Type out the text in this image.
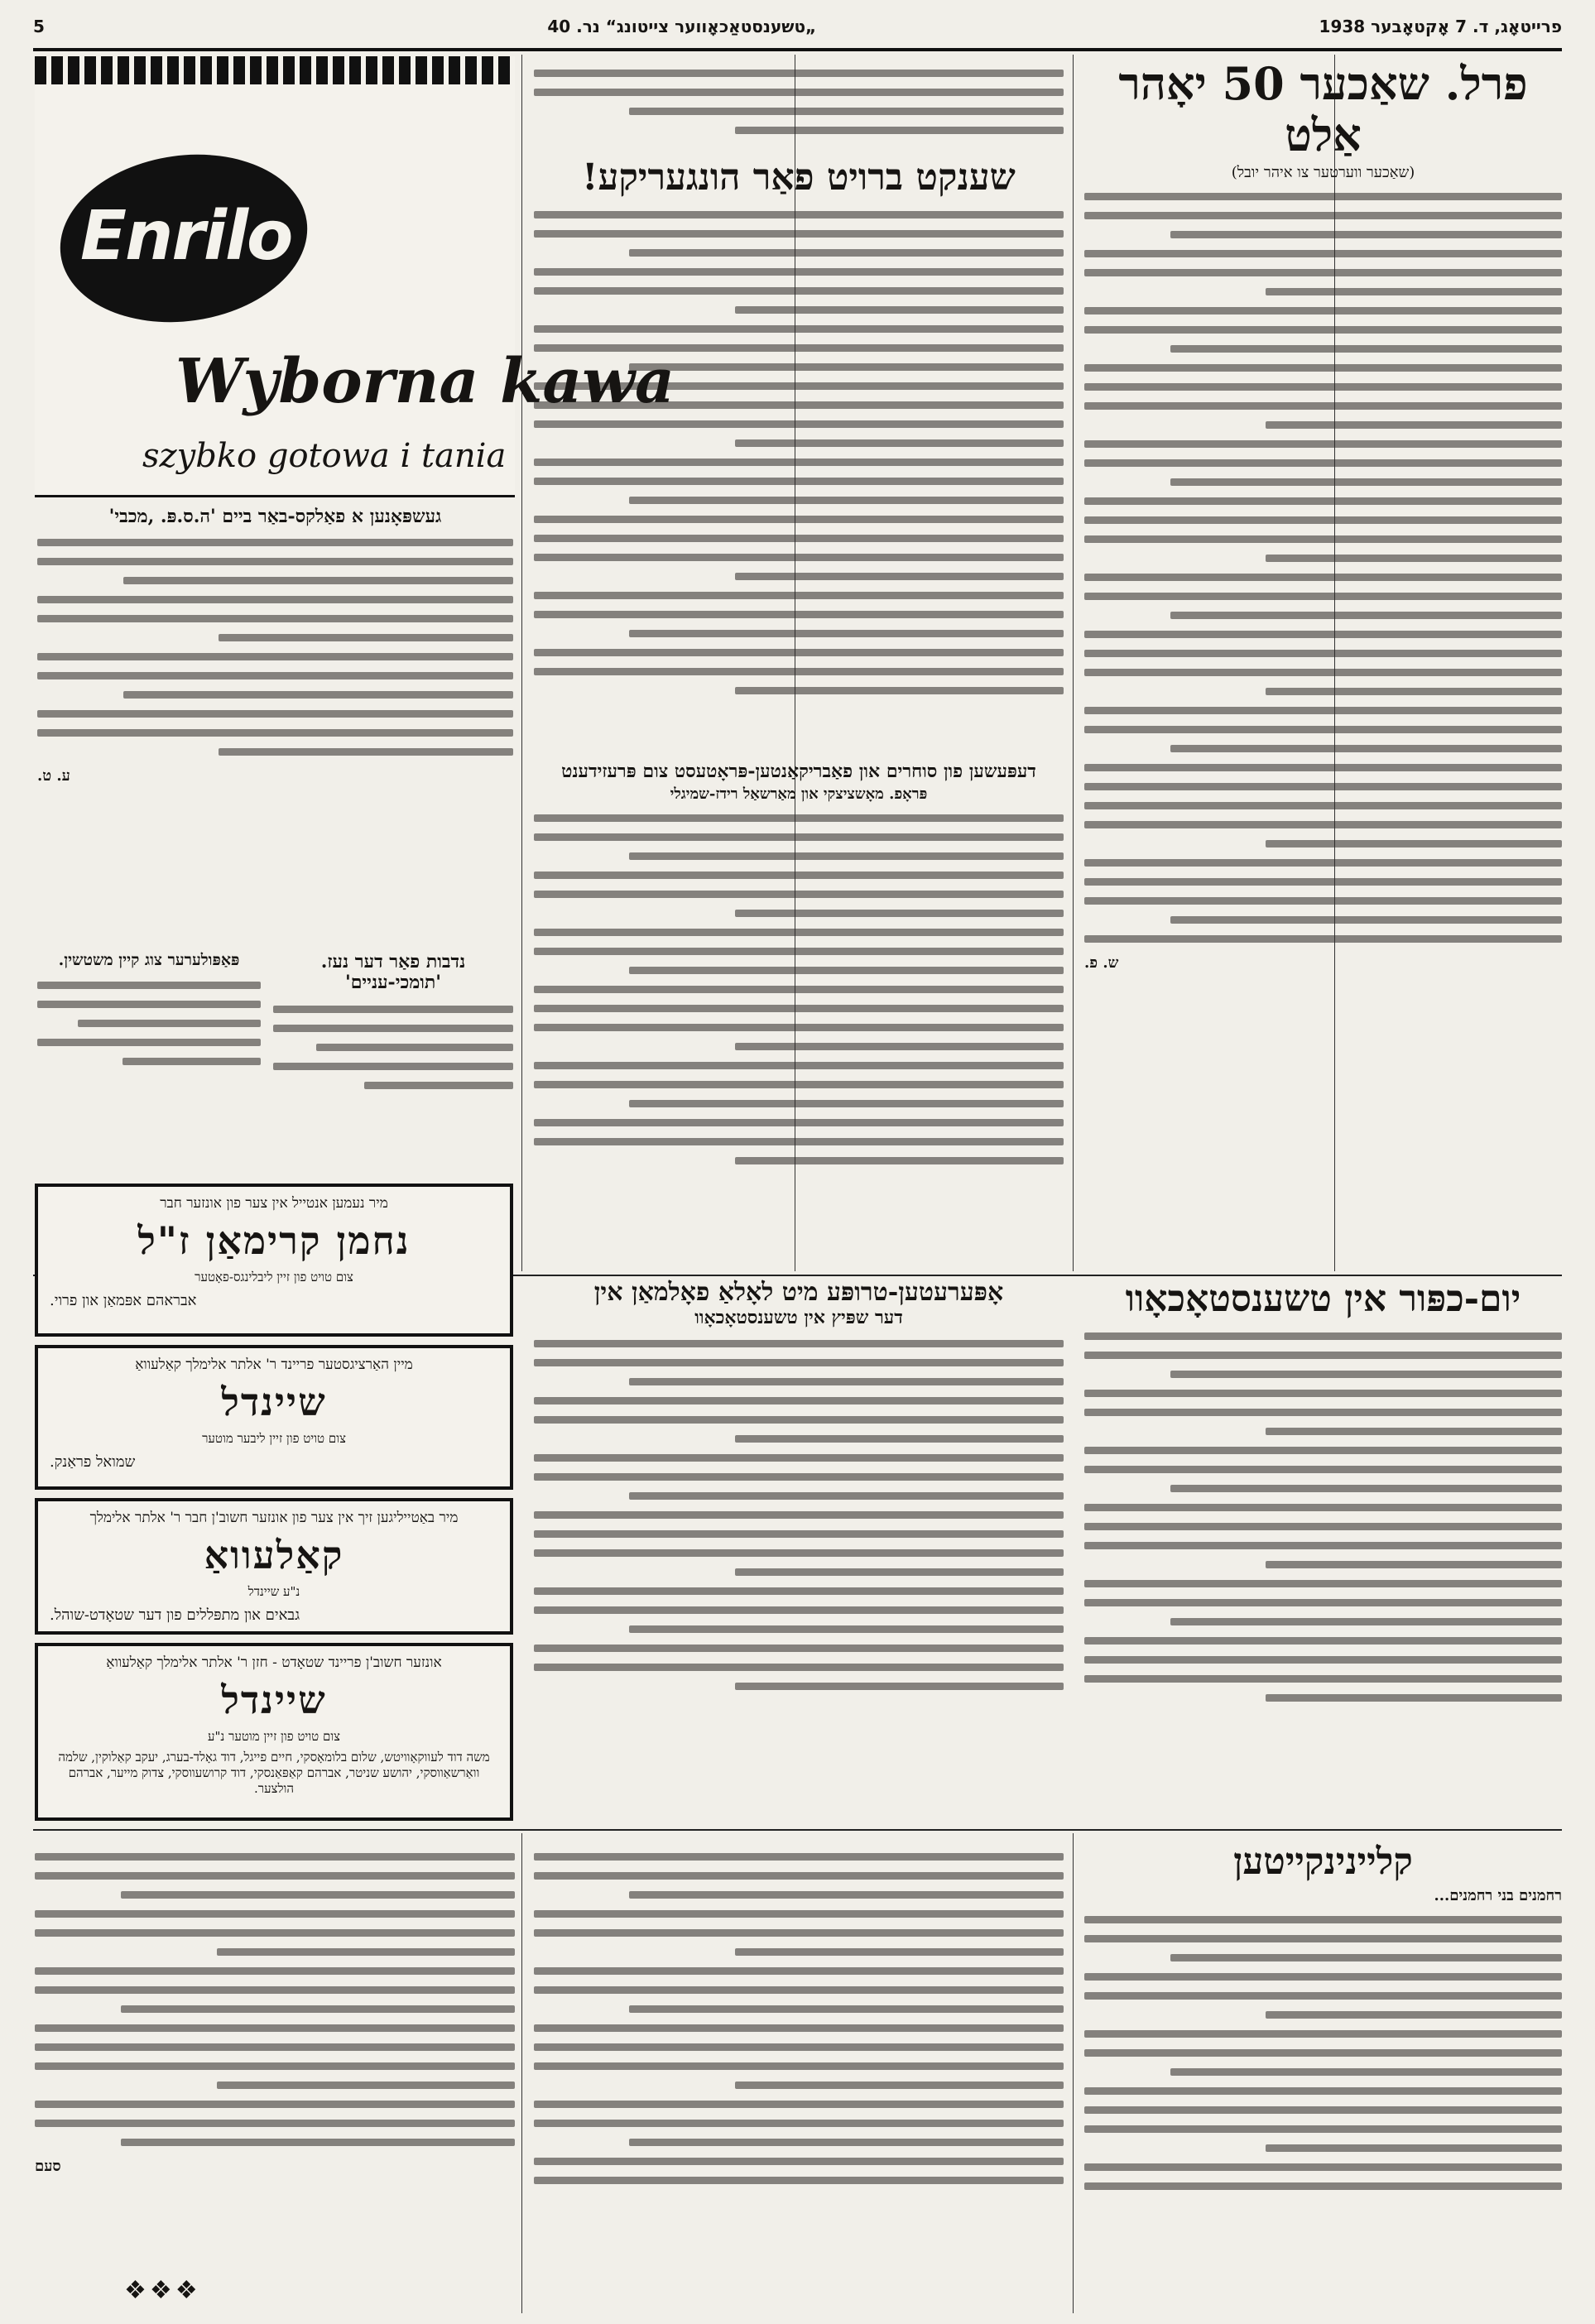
פרייטאָג, ד. 7 אָקטאָבער 1938
„טשענסטאַכאָווער צייטונג“ נר. 40
5
פרל. שאַכער 50 יאָהר אַלט
(שאַכער ווערטער צו איהר יובל)
ש. פ.
שענקט ברויט פאַר הונגעריקע!
דעפּעשען פון סוחרים און פאַבריקאַנטען-פּראָטעסט צום פּרעזידענט
פּראָפ. מאָשציצקי און מאַרשאַל רידז-שמיגלי
אָפּערעטען-טרופּע מיט לאָלאַ פאָלמאַן אין
דער שפּיץ אין טשענסטאָכאָוו	יום-כפּור אין טשענסטאָכאָוו
Enrilo
Wyborna kawa
szybko gotowa i tania
געשפּאָנען א פאַלקס-באַר ביים 'ה.ס.פּ. ,מכבי'
ע. ט.
נדבות פאַר דער נעז. 'תומכי-עניים'
פּאַפּולערער צוג קיין משטשין.
מיר נעמען אנטייל אין צער פון אונזער חבר
נחמן קרימאַן ז"ל
צום טויט פון זיין ליבלינגס-פאָטער
אבראהם אפּמאַן און פרוי.
מיין האַרציגסטער פריינד ר' אלתר אלימלך קאַלעוואַ
שיינדל
צום טויט פון זיין ליבער מוטער
שמואל פראַנק.
מיר באַטייליגען זיך אין צער פון אונזער חשוב'ן חבר ר' אלתר אלימלך
קאַלעוואַ
נ"ע שיינדל
גבאים און מתפּללים פון דער שטאָדט-שוהל.
אונזער חשוב'ן פריינד שטאָדט - חזן ר' אלתר אלימלך קאַלעוואַ
שיינדל
צום טויט פון זיין מוטער נ"ע
משה דוד לעווקאָוויטש, שלום בלומאָסקי, חיים פייגל, דוד גאָלד-בערג, יעקב קאַלוקין, שלמה וואַרשאַווסקי, יהושע שניטר, אברהם קאַפּאַנסקי, דוד קרושעווסקי, צדוק מייער, אברהם הולצער.
קליינינקייטען
רחמנים בני רחמנים...
סעם
❖❖❖
